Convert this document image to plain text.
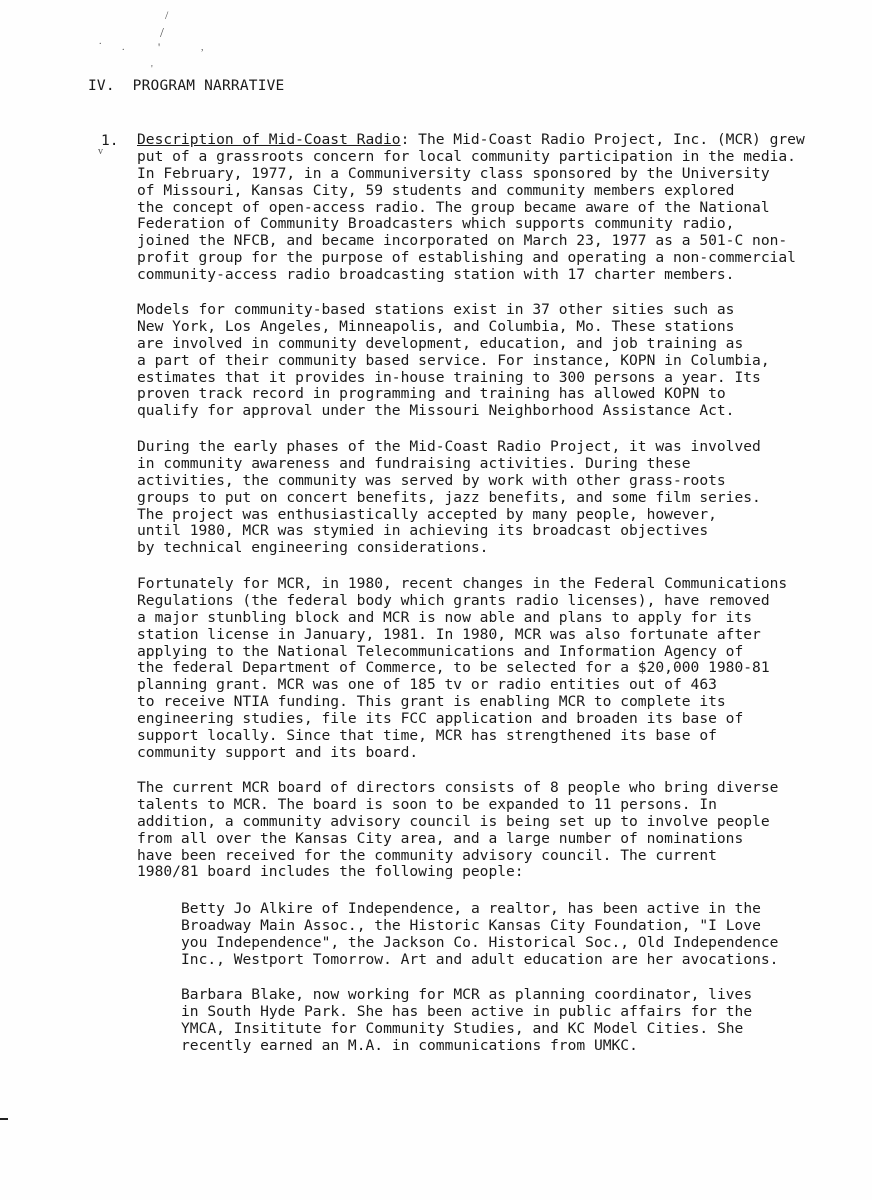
/
/
.	'
.	,
'
v
IV. PROGRAM NARRATIVE
1. Description of Mid-Coast Radio: The Mid-Coast Radio Project, Inc. (MCR) grew
put of a grassroots concern for local community participation in the media.
In February, 1977, in a Communiversity class sponsored by the University
of Missouri, Kansas City, 59 students and community members explored
the concept of open-access radio. The group became aware of the National
Federation of Community Broadcasters which supports community radio,
joined the NFCB, and became incorporated on March 23, 1977 as a 501-C non-
profit group for the purpose of establishing and operating a non-commercial
community-access radio broadcasting station with 17 charter members.
Models for community-based stations exist in 37 other sities such as
New York, Los Angeles, Minneapolis, and Columbia, Mo. These stations
are involved in community development, education, and job training as
a part of their community based service. For instance, KOPN in Columbia,
estimates that it provides in-house training to 300 persons a year. Its
proven track record in programming and training has allowed KOPN to
qualify for approval under the Missouri Neighborhood Assistance Act.
During the early phases of the Mid-Coast Radio Project, it was involved
in community awareness and fundraising activities. During these
activities, the community was served by work with other grass-roots
groups to put on concert benefits, jazz benefits, and some film series.
The project was enthusiastically accepted by many people, however,
until 1980, MCR was stymied in achieving its broadcast objectives
by technical engineering considerations.
Fortunately for MCR, in 1980, recent changes in the Federal Communications
Regulations (the federal body which grants radio licenses), have removed
a major stunbling block and MCR is now able and plans to apply for its
station license in January, 1981. In 1980, MCR was also fortunate after
applying to the National Telecommunications and Information Agency of
the federal Department of Commerce, to be selected for a $20,000 1980-81
planning grant. MCR was one of 185 tv or radio entities out of 463
to receive NTIA funding. This grant is enabling MCR to complete its
engineering studies, file its FCC application and broaden its base of
support locally. Since that time, MCR has strengthened its base of
community support and its board.
The current MCR board of directors consists of 8 people who bring diverse
talents to MCR. The board is soon to be expanded to 11 persons. In
addition, a community advisory council is being set up to involve people
from all over the Kansas City area, and a large number of nominations
have been received for the community advisory council. The current
1980/81 board includes the following people:
Betty Jo Alkire of Independence, a realtor, has been active in the
Broadway Main Assoc., the Historic Kansas City Foundation, "I Love
you Independence", the Jackson Co. Historical Soc., Old Independence
Inc., Westport Tomorrow. Art and adult education are her avocations.
Barbara Blake, now working for MCR as planning coordinator, lives
in South Hyde Park. She has been active in public affairs for the
YMCA, Insititute for Community Studies, and KC Model Cities. She
recently earned an M.A. in communications from UMKC.
